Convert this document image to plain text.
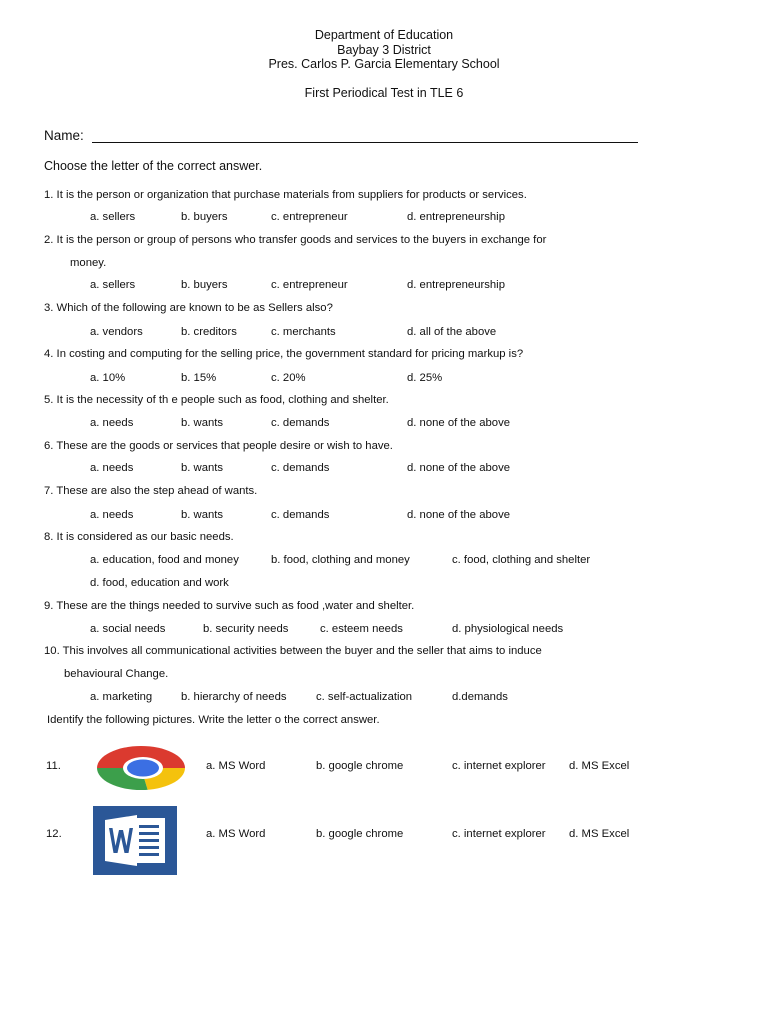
Department of Education
Baybay 3 District
Pres. Carlos P. Garcia Elementary School
First Periodical Test in TLE 6
Name:
Choose the letter of the correct answer.
1. It is the person or organization that purchase materials from suppliers for products or services.
a. sellers	b. buyers	c. entrepreneur	d. entrepreneurship
2. It is the person or group of persons who transfer goods and services to the buyers in exchange for
money.
a. sellers	b. buyers	c. entrepreneur	d. entrepreneurship
3. Which of the following are known to be as Sellers also?
a. vendors	b. creditors	c. merchants	d. all of the above
4. In costing and computing for the selling price, the government standard for pricing markup is?
a. 10%	b. 15%	c. 20%	d. 25%
5. It is the necessity of th e people such as food, clothing and shelter.
a. needs	b. wants	c. demands	d. none of the above
6. These are the goods or services that people desire or wish to have.
a. needs	b. wants	c. demands	d. none of the above
7. These are also the step ahead of wants.
a. needs	b. wants	c. demands	d. none of the above
8. It is considered as our basic needs.
a. education, food and money	b. food, clothing and money	c. food, clothing and shelter
d. food, education and work
9. These are the things needed to survive such as food ,water and shelter.
a. social needs	b. security needs	c. esteem needs	d. physiological needs
10. This involves all communicational activities between the buyer and the seller that aims to induce
behavioural Change.
a. marketing	b. hierarchy of needs	c. self-actualization	d.demands
Identify the following pictures. Write the letter o the correct answer.
11.	a. MS Word	b. google chrome	c. internet explorer d. MS Excel
12.	a. MS Word	b. google chrome	c. internet explorer d. MS Excel
